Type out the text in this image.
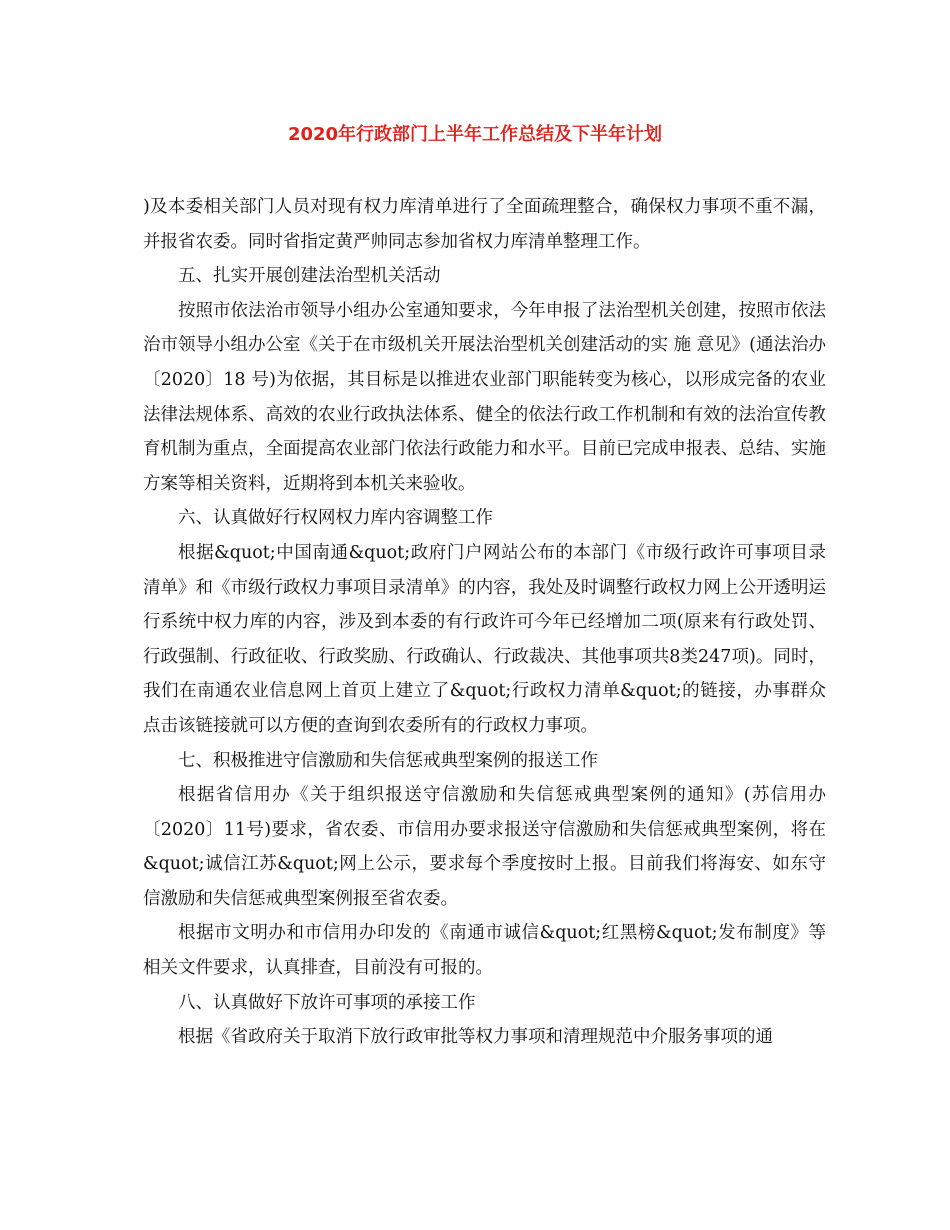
2020年行政部门上半年工作总结及下半年计划

)及本委相关部门人员对现有权力库清单进行了全面疏理整合，确保权力事项不重不漏，并报省农委。同时省指定黄严帅同志参加省权力库清单整理工作。

五、扎实开展创建法治型机关活动

按照市依法治市领导小组办公室通知要求，今年申报了法治型机关创建，按照市依法治市领导小组办公室《关于在市级机关开展法治型机关创建活动的实 施 意见》(通法治办〔2020〕18 号)为依据，其目标是以推进农业部门职能转变为核心，以形成完备的农业法律法规体系、高效的农业行政执法体系、健全的依法行政工作机制和有效的法治宣传教育机制为重点，全面提高农业部门依法行政能力和水平。目前已完成申报表、总结、实施方案等相关资料，近期将到本机关来验收。

六、认真做好行权网权力库内容调整工作

根据&quot;中国南通&quot;政府门户网站公布的本部门《市级行政许可事项目录清单》和《市级行政权力事项目录清单》的内容，我处及时调整行政权力网上公开透明运行系统中权力库的内容，涉及到本委的有行政许可今年已经增加二项(原来有行政处罚、行政强制、行政征收、行政奖励、行政确认、行政裁决、其他事项共8类247项)。同时，我们在南通农业信息网上首页上建立了&quot;行政权力清单&quot;的链接，办事群众点击该链接就可以方便的查询到农委所有的行政权力事项。

七、积极推进守信激励和失信惩戒典型案例的报送工作

根据省信用办《关于组织报送守信激励和失信惩戒典型案例的通知》(苏信用办〔2020〕11号)要求，省农委、市信用办要求报送守信激励和失信惩戒典型案例，将在&quot;诚信江苏&quot;网上公示，要求每个季度按时上报。目前我们将海安、如东守信激励和失信惩戒典型案例报至省农委。

根据市文明办和市信用办印发的《南通市诚信&quot;红黑榜&quot;发布制度》等相关文件要求，认真排查，目前没有可报的。

八、认真做好下放许可事项的承接工作

根据《省政府关于取消下放行政审批等权力事项和清理规范中介服务事项的通
